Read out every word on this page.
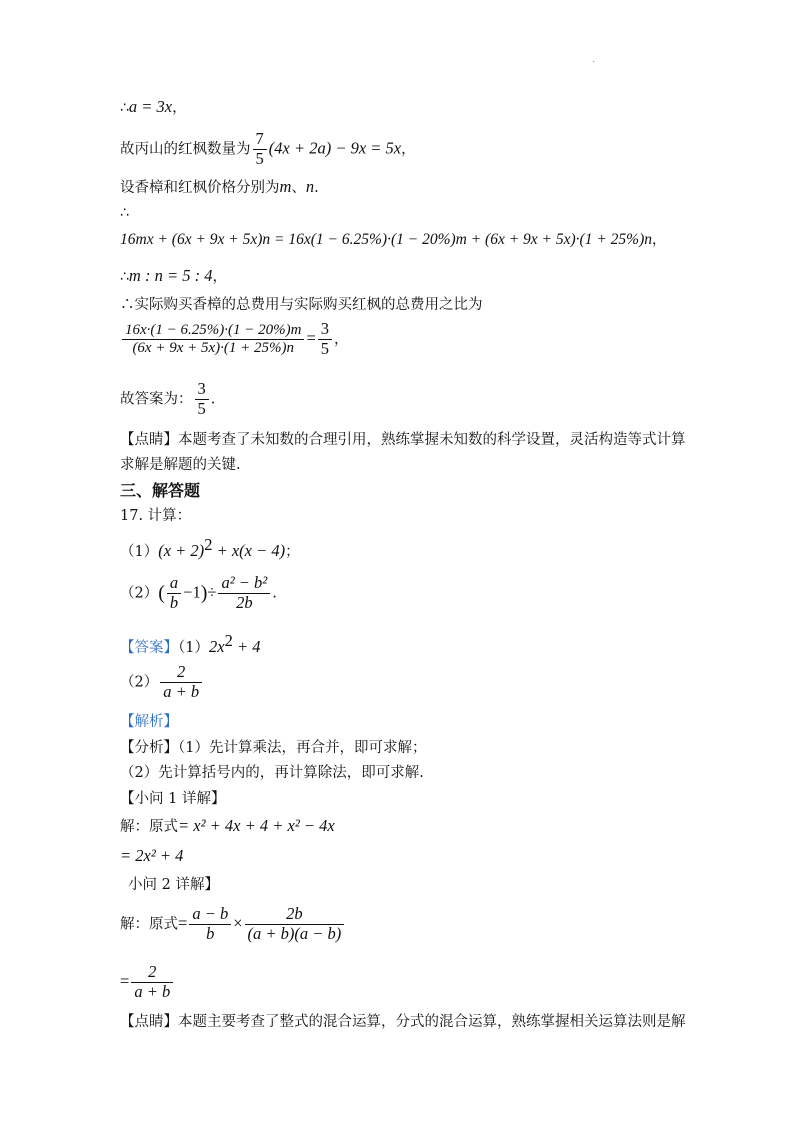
.
∴a = 3x，
故丙山的红枫数量为 $\frac{7}{5} (4x + 2a) - 9x = 5x$，
设香樟和红枫价格分别为m、n.
∴
16mx + (6x + 9x + 5x)n = 16x(1 − 6.25%)·(1 − 20%)m + (6x + 9x + 5x)·(1 + 25%)n，
∴m : n = 5 : 4，
∴实际购买香樟的总费用与实际购买红枫的总费用之比为
$\frac{16x\cdot(1 - 6.25\%)\cdot(1 - 20\%)m}{(6x + 9x + 5x)\cdot(1 + 25\%)n} = \frac{3}{5}$ ，
故答案为： $\frac{3}{5}$ .
【点睛】本题考查了未知数的合理引用，熟练掌握未知数的科学设置，灵活构造等式计算
求解是解题的关键.
三、解答题
17. 计算：
$(1)(x + 2)^2 + x(x - 4)$；
$(2)( \frac{a}{b} -1)\div \frac{\text{a² − b²}}{2b}$ .
【答案】$(1)2x^2 + 4$
$(2) \frac{2}{a + b}$
【解析】
【分析】（1）先计算乘法，再合并，即可求解；
（2）先计算括号内的，再计算除法，即可求解.
【小问 1 详解】
解：原式= x² + 4x + 4 + x² − 4x
= 2x² + 4
小问 2 详解】
解：原式= $\frac{a - b}{b} \times \frac{2b}{(a + b)(a - b)}$
= $\frac{2}{a + b}$
【点睛】本题主要考查了整式的混合运算，分式的混合运算，熟练掌握相关运算法则是解
